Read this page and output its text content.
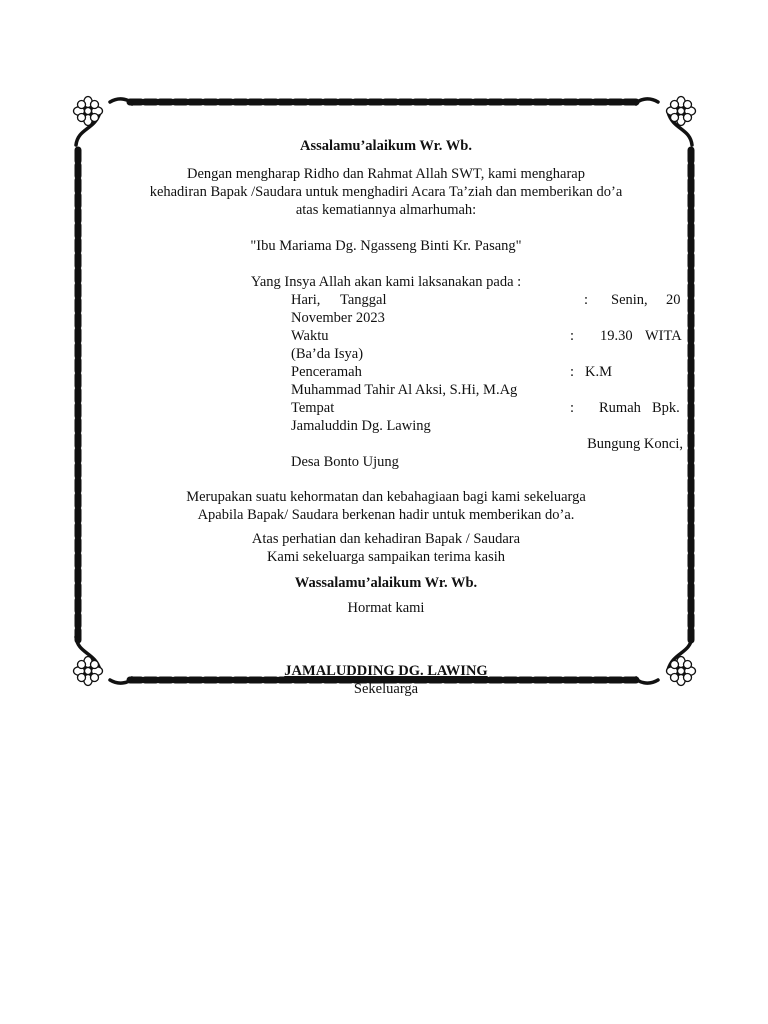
Assalamu’alaikum Wr. Wb.
Dengan mengharap Ridho dan Rahmat Allah SWT, kami mengharap
kehadiran Bapak /Saudara untuk menghadiri Acara Ta’ziah dan memberikan do’a
atas kematiannya almarhumah:
"Ibu Mariama Dg. Ngasseng Binti Kr. Pasang"
Yang Insya Allah akan kami laksanakan pada :
Hari, Tanggal	: Senin, 20
November 2023
Waktu	: 19.30 WITA
(Ba’da Isya)
Penceramah	: K.M
Muhammad Tahir Al Aksi, S.Hi, M.Ag
Tempat	: Rumah Bpk.
Jamaluddin Dg. Lawing
Bungung Konci,
Desa Bonto Ujung
Merupakan suatu kehormatan dan kebahagiaan bagi kami sekeluarga
Apabila Bapak/ Saudara berkenan hadir untuk memberikan do’a.
Atas perhatian dan kehadiran Bapak / Saudara
Kami sekeluarga sampaikan terima kasih
Wassalamu’alaikum Wr. Wb.
Hormat kami
JAMALUDDING DG. LAWING
Sekeluarga
